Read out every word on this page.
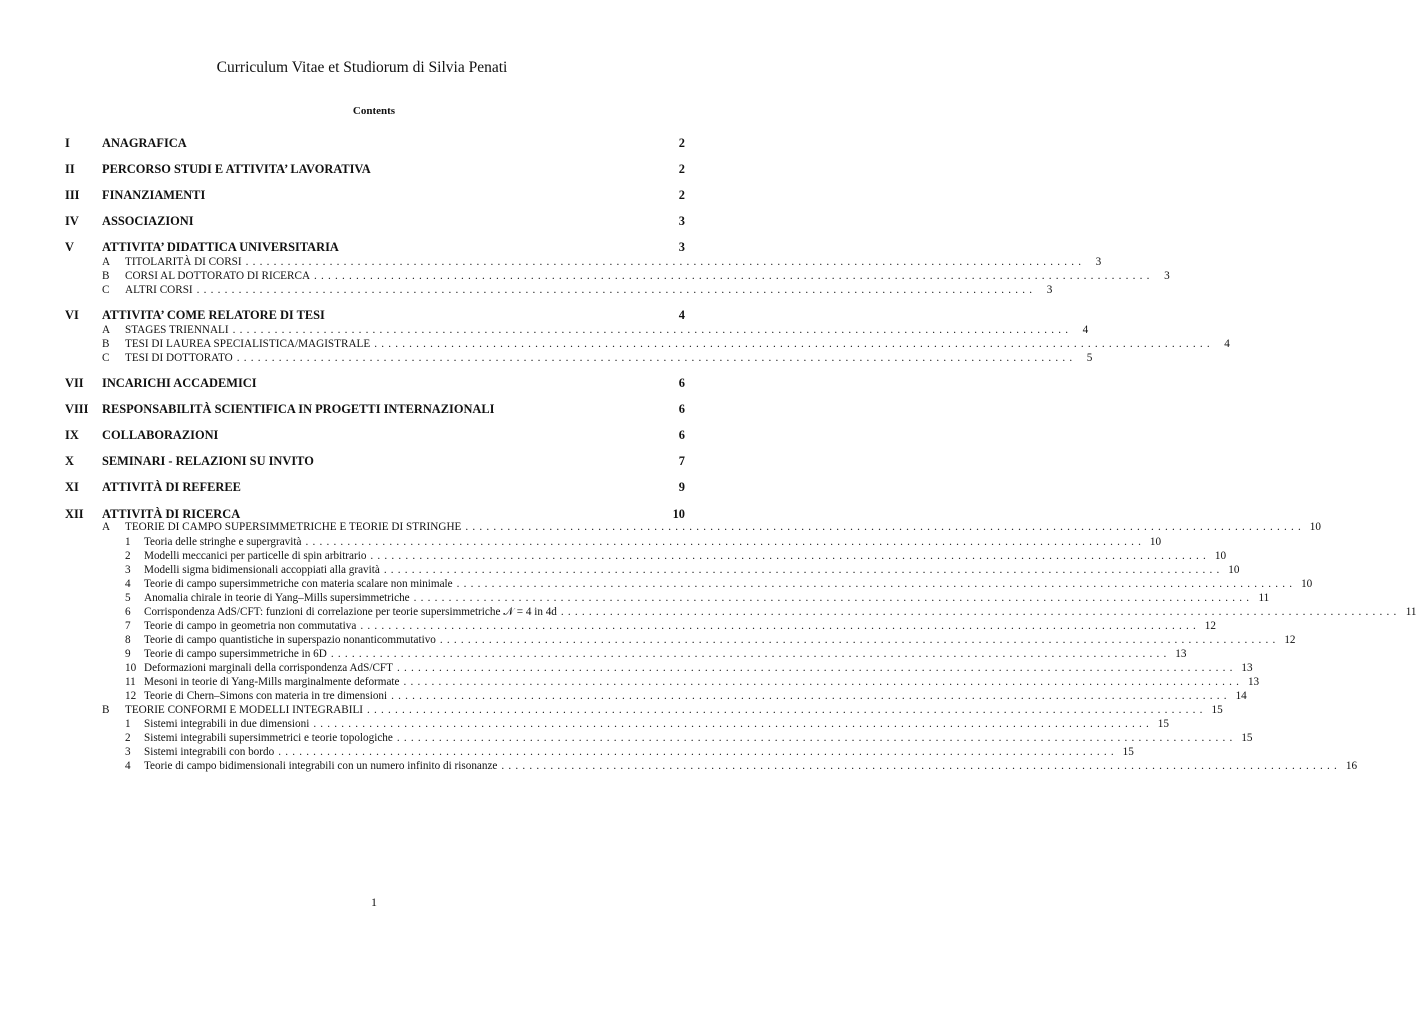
Curriculum Vitae et Studiorum di Silvia Penati
Contents
I	ANAGRAFICA	2
II	PERCORSO STUDI E ATTIVITA’ LAVORATIVA	2
III	FINANZIAMENTI	2
IV	ASSOCIAZIONI	3
V	ATTIVITA’ DIDATTICA UNIVERSITARIA	3
A	TITOLARITÀ DI CORSI ........................................................................................................................ 3
B	CORSI AL DOTTORATO DI RICERCA ........................................................................................................................ 3
C	ALTRI CORSI ........................................................................................................................ 3
VI	ATTIVITA’ COME RELATORE DI TESI	4
A	STAGES TRIENNALI ........................................................................................................................ 4
B	TESI DI LAUREA SPECIALISTICA/MAGISTRALE ........................................................................................................................ 4
C	TESI DI DOTTORATO ........................................................................................................................ 5
VII	INCARICHI ACCADEMICI	6
VIII	RESPONSABILITÀ SCIENTIFICA IN PROGETTI INTERNAZIONALI	6
IX	COLLABORAZIONI	6
X	SEMINARI - RELAZIONI SU INVITO	7
XI	ATTIVITÀ DI REFEREE	9
XII	ATTIVITÀ DI RICERCA	10
A	TEORIE DI CAMPO SUPERSIMMETRICHE E TEORIE DI STRINGHE ........................................................................................................................ 10
1	Teoria delle stringhe e supergravità ........................................................................................................................ 10
2	Modelli meccanici per particelle di spin arbitrario ........................................................................................................................ 10
3	Modelli sigma bidimensionali accoppiati alla gravità ........................................................................................................................ 10
4	Teorie di campo supersimmetriche con materia scalare non minimale ........................................................................................................................ 10
5	Anomalia chirale in teorie di Yang–Mills supersimmetriche ........................................................................................................................ 11
6	Corrispondenza AdS/CFT: funzioni di correlazione per teorie supersimmetriche 𝒩 = 4 in 4d ........................................................................................................................ 11
7	Teorie di campo in geometria non commutativa ........................................................................................................................ 12
8	Teorie di campo quantistiche in superspazio nonanticommutativo ........................................................................................................................ 12
9	Teorie di campo supersimmetriche in 6D ........................................................................................................................ 13
10 Deformazioni marginali della corrispondenza AdS/CFT ........................................................................................................................ 13
11 Mesoni in teorie di Yang-Mills marginalmente deformate ........................................................................................................................ 13
12 Teorie di Chern–Simons con materia in tre dimensioni ........................................................................................................................ 14
B	TEORIE CONFORMI E MODELLI INTEGRABILI ........................................................................................................................ 15
1	Sistemi integrabili in due dimensioni ........................................................................................................................ 15
2	Sistemi integrabili supersimmetrici e teorie topologiche ........................................................................................................................ 15
3	Sistemi integrabili con bordo ........................................................................................................................ 15
4	Teorie di campo bidimensionali integrabili con un numero infinito di risonanze ........................................................................................................................ 16
1
